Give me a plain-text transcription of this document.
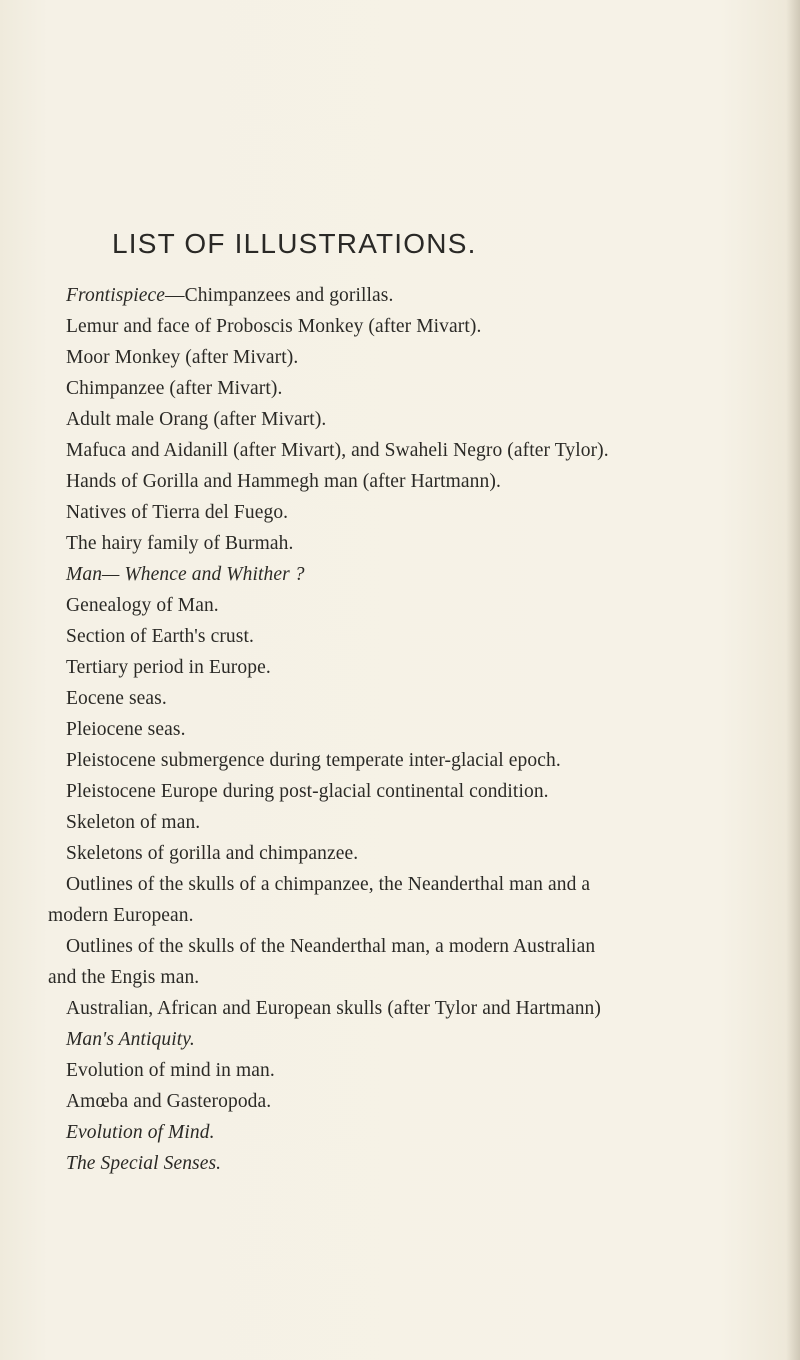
LIST OF ILLUSTRATIONS.
Frontispiece—Chimpanzees and gorillas.
Lemur and face of Proboscis Monkey (after Mivart).
Moor Monkey (after Mivart).
Chimpanzee (after Mivart).
Adult male Orang (after Mivart).
Mafuca and Aidanill (after Mivart), and Swaheli Negro (after Tylor).
Hands of Gorilla and Hammegh man (after Hartmann).
Natives of Tierra del Fuego.
The hairy family of Burmah.
Man— Whence and Whither ?
Genealogy of Man.
Section of Earth's crust.
Tertiary period in Europe.
Eocene seas.
Pleiocene seas.
Pleistocene submergence during temperate inter-glacial epoch.
Pleistocene Europe during post-glacial continental condition.
Skeleton of man.
Skeletons of gorilla and chimpanzee.
Outlines of the skulls of a chimpanzee, the Neanderthal man and a
modern European.
Outlines of the skulls of the Neanderthal man, a modern Australian
and the Engis man.
Australian, African and European skulls (after Tylor and Hartmann)
Man's Antiquity.
Evolution of mind in man.
Amœba and Gasteropoda.
Evolution of Mind.
The Special Senses.
